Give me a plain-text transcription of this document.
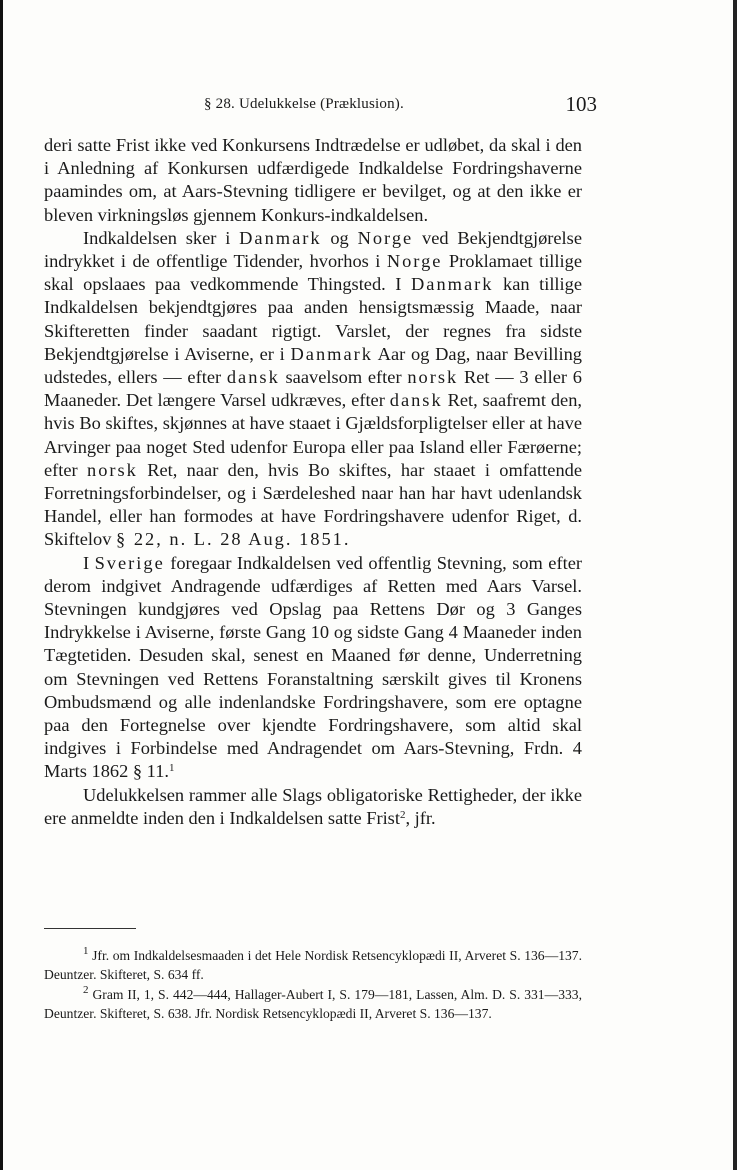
§ 28. Udelukkelse (Præklusion).	103

deri satte Frist ikke ved Konkursens Indtrædelse er udløbet, da skal i den i Anledning af Konkursen udfærdigede Indkaldelse Fordringshaverne paamindes om, at Aars-Stevning tidligere er bevilget, og at den ikke er bleven virkningsløs gjennem Konkurs-indkaldelsen.

Indkaldelsen sker i Danmark og Norge ved Bekjendtgjørelse indrykket i de offentlige Tidender, hvorhos i Norge Proklamaet tillige skal opslaaes paa vedkommende Thingsted. I Danmark kan tillige Indkaldelsen bekjendtgjøres paa anden hensigtsmæssig Maade, naar Skifteretten finder saadant rigtigt. Varslet, der regnes fra sidste Bekjendtgjørelse i Aviserne, er i Danmark Aar og Dag, naar Bevilling udstedes, ellers — efter dansk saavelsom efter norsk Ret — 3 eller 6 Maaneder. Det længere Varsel udkræves, efter dansk Ret, saafremt den, hvis Bo skiftes, skjønnes at have staaet i Gjældsforpligtelser eller at have Arvinger paa noget Sted udenfor Europa eller paa Island eller Færøerne; efter norsk Ret, naar den, hvis Bo skiftes, har staaet i omfattende Forretningsforbindelser, og i Særdeleshed naar han har havt udenlandsk Handel, eller han formodes at have Fordringshavere udenfor Riget, d. Skiftelov § 22, n. L. 28 Aug. 1851.

I Sverige foregaar Indkaldelsen ved offentlig Stevning, som efter derom indgivet Andragende udfærdiges af Retten med Aars Varsel. Stevningen kundgjøres ved Opslag paa Rettens Dør og 3 Ganges Indrykkelse i Aviserne, første Gang 10 og sidste Gang 4 Maaneder inden Tægtetiden. Desuden skal, senest en Maaned før denne, Underretning om Stevningen ved Rettens Foranstaltning særskilt gives til Kronens Ombudsmænd og alle indenlandske Fordringshavere, som ere optagne paa den Fortegnelse over kjendte Fordringshavere, som altid skal indgives i Forbindelse med Andragendet om Aars-Stevning, Frdn. 4 Marts 1862 § 11.$^1$

Udelukkelsen rammer alle Slags obligatoriske Rettigheder, der ikke ere anmeldte inden den i Indkaldelsen satte Frist$^2$, jfr.

$^1$ Jfr. om Indkaldelsesmaaden i det Hele Nordisk Retsencyklopædi II, Arveret S. 136—137. Deuntzer. Skifteret, S. 634 ff.

$^2$ Gram II, 1, S. 442—444, Hallager-Aubert I, S. 179—181, Lassen, Alm. D. S. 331—333, Deuntzer. Skifteret, S. 638. Jfr. Nordisk Retsencyklopædi II, Arveret S. 136—137.
